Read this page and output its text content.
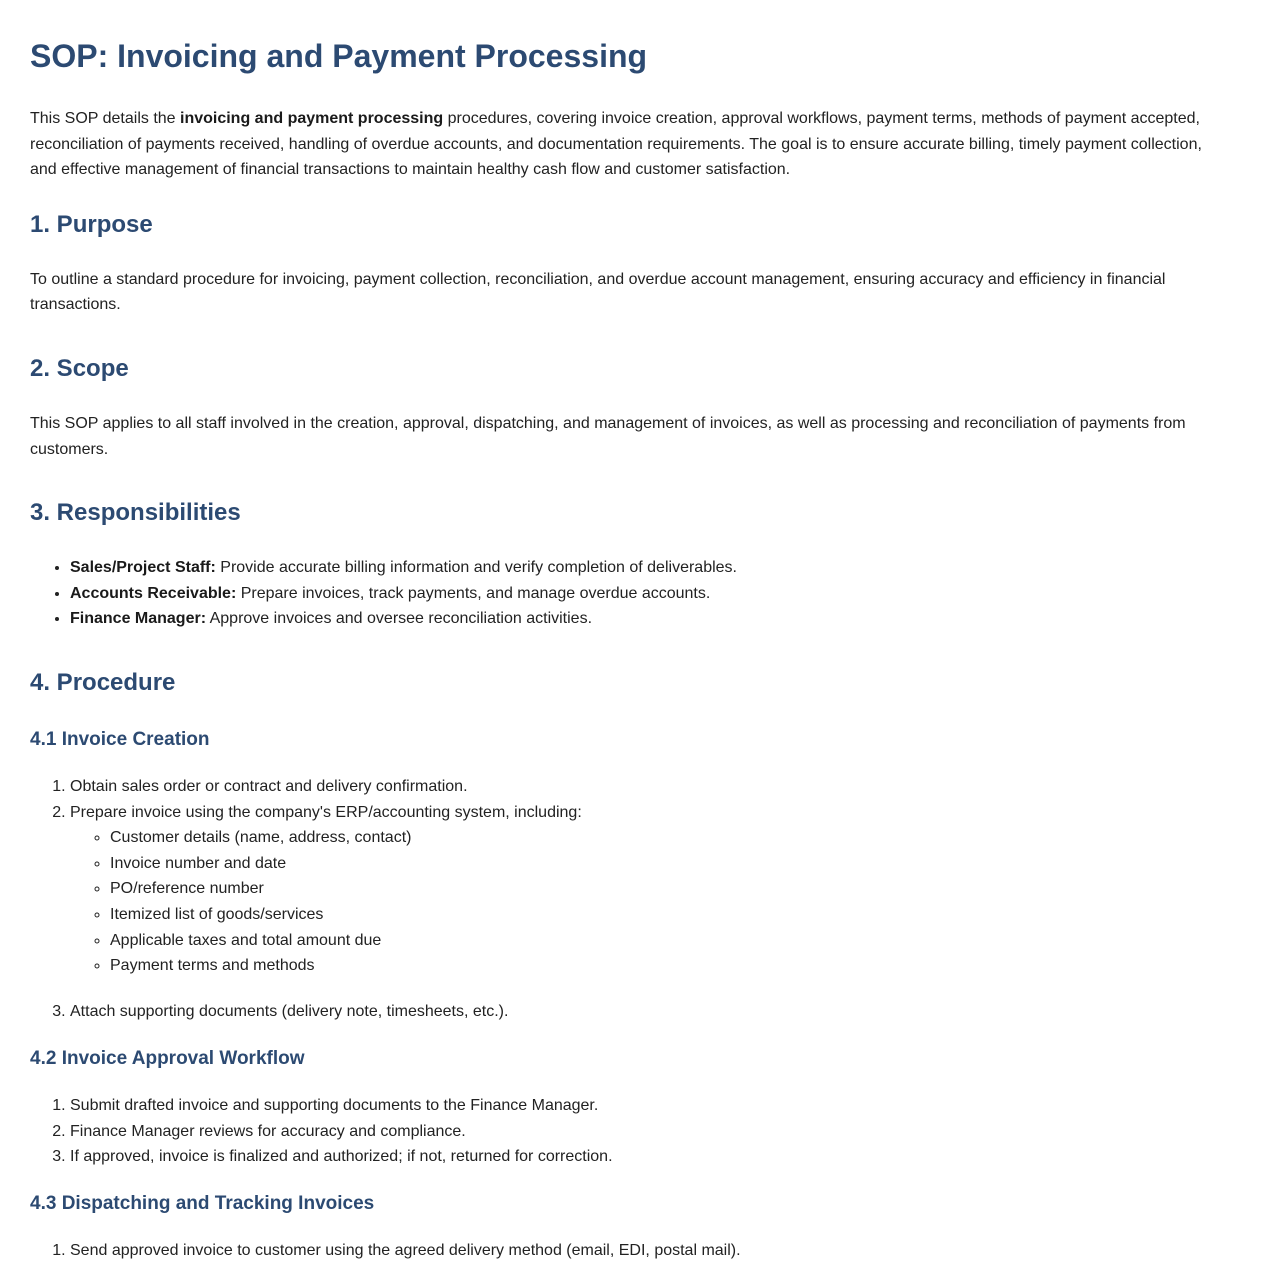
SOP: Invoicing and Payment Processing

This SOP details the invoicing and payment processing procedures, covering invoice creation, approval workflows, payment terms, methods of payment accepted, reconciliation of payments received, handling of overdue accounts, and documentation requirements. The goal is to ensure accurate billing, timely payment collection, and effective management of financial transactions to maintain healthy cash flow and customer satisfaction.

1. Purpose

To outline a standard procedure for invoicing, payment collection, reconciliation, and overdue account management, ensuring accuracy and efficiency in financial transactions.

2. Scope

This SOP applies to all staff involved in the creation, approval, dispatching, and management of invoices, as well as processing and reconciliation of payments from customers.

3. Responsibilities
• Sales/Project Staff: Provide accurate billing information and verify completion of deliverables.
• Accounts Receivable: Prepare invoices, track payments, and manage overdue accounts.
• Finance Manager: Approve invoices and oversee reconciliation activities.
4. Procedure
4.1 Invoice Creation
1. Obtain sales order or contract and delivery confirmation.
2. Prepare invoice using the company's ERP/accounting system, including:
◦ Customer details (name, address, contact)
◦ Invoice number and date
◦ PO/reference number
◦ Itemized list of goods/services
◦ Applicable taxes and total amount due
◦ Payment terms and methods
3. Attach supporting documents (delivery note, timesheets, etc.).
4.2 Invoice Approval Workflow
1. Submit drafted invoice and supporting documents to the Finance Manager.
2. Finance Manager reviews for accuracy and compliance.
3. If approved, invoice is finalized and authorized; if not, returned for correction.
4.3 Dispatching and Tracking Invoices
1. Send approved invoice to customer using the agreed delivery method (email, EDI, postal mail).
